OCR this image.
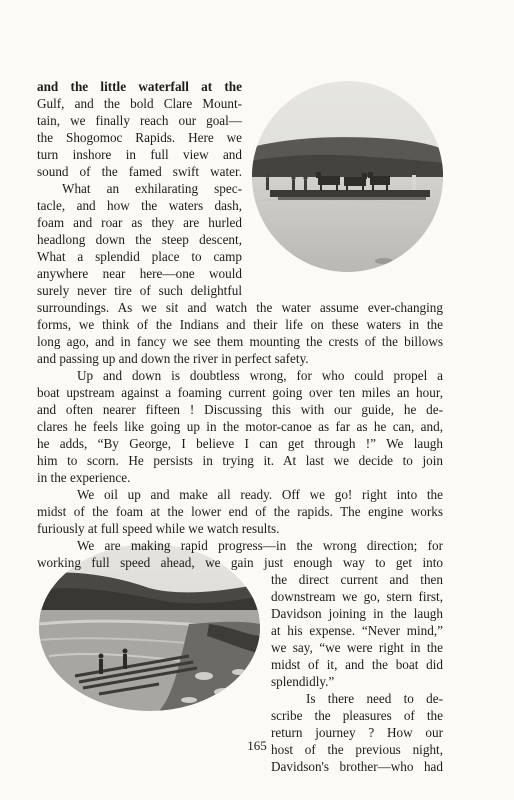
and the little waterfall at the
Gulf, and the bold Clare Mount-
tain, we finally reach our goal—
the Shogomoc Rapids. Here we
turn inshore in full view and
sound of the famed swift water.
What an exhilarating spec-
tacle, and how the waters dash,
foam and roar as they are hurled
headlong down the steep descent,
What a splendid place to camp
anywhere near here—one would
surely never tire of such delightful
surroundings. As we sit and watch the water assume ever-changing
forms, we think of the Indians and their life on these waters in the
long ago, and in fancy we see them mounting the crests of the billows
and passing up and down the river in perfect safety.
Up and down is doubtless wrong, for who could propel a
boat upstream against a foaming current going over ten miles an hour,
and often nearer fifteen ! Discussing this with our guide, he de-
clares he feels like going up in the motor-canoe as far as he can, and,
he adds, “By George, I believe I can get through !” We laugh
him to scorn. He persists in trying it. At last we decide to join
in the experience.
We oil up and make all ready. Off we go! right into the
midst of the foam at the lower end of the rapids. The engine works
furiously at full speed while we watch results.
We are making rapid progress—in the wrong direction; for
working full speed ahead, we gain just enough way to get into
the direct current and then
downstream we go, stern first,
Davidson joining in the laugh
at his expense. “Never mind,”
we say, “we were right in the
midst of it, and the boat did
splendidly.”
Is there need to de-
scribe the pleasures of the
return journey ? How our
host of the previous night,
Davidson's brother—who had
165
